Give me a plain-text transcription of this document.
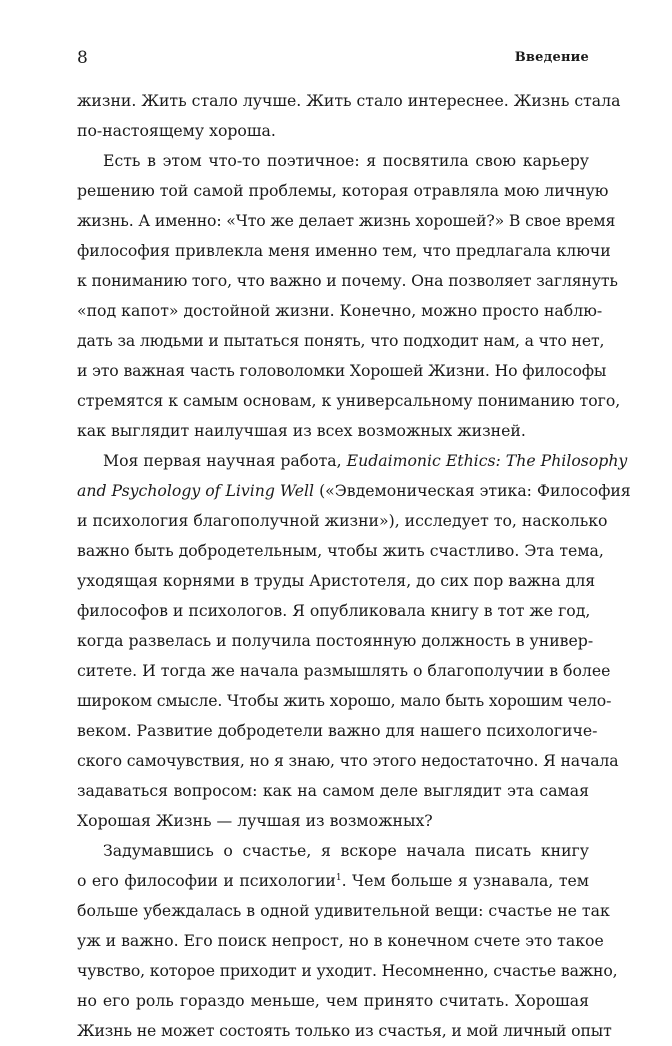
8	Введение
жизни. Жить стало лучше. Жить стало интереснее. Жизнь стала
по-настоящему хороша.
Есть в этом что-то поэтичное: я посвятила свою карьеру
решению той самой проблемы, которая отравляла мою личную
жизнь. А именно: «Что же делает жизнь хорошей?» В свое время
философия привлекла меня именно тем, что предлагала ключи
к пониманию того, что важно и почему. Она позволяет заглянуть
«под капот» достойной жизни. Конечно, можно просто наблю-
дать за людьми и пытаться понять, что подходит нам, а что нет,
и это важная часть головоломки Хорошей Жизни. Но философы
стремятся к самым основам, к универсальному пониманию того,
как выглядит наилучшая из всех возможных жизней.
Моя первая научная работа, Eudaimonic Ethics: The Philosophy
and Psychology of Living Well («Эвдемоническая этика: Философия
и психология благополучной жизни»), исследует то, насколько
важно быть добродетельным, чтобы жить счастливо. Эта тема,
уходящая корнями в труды Аристотеля, до сих пор важна для
философов и психологов. Я опубликовала книгу в тот же год,
когда развелась и получила постоянную должность в универ-
ситете. И тогда же начала размышлять о благополучии в более
широком смысле. Чтобы жить хорошо, мало быть хорошим чело-
веком. Развитие добродетели важно для нашего психологиче-
ского самочувствия, но я знаю, что этого недостаточно. Я начала
задаваться вопросом: как на самом деле выглядит эта самая
Хорошая Жизнь — лучшая из возможных?
Задумавшись о счастье, я вскоре начала писать книгу
о его философии и психологии$^1$. Чем больше я узнавала, тем
больше убеждалась в одной удивительной вещи: счастье не так
уж и важно. Его поиск непрост, но в конечном счете это такое
чувство, которое приходит и уходит. Несомненно, счастье важно,
но его роль гораздо меньше, чем принято считать. Хорошая
Жизнь не может состоять только из счастья, и мой личный опыт
